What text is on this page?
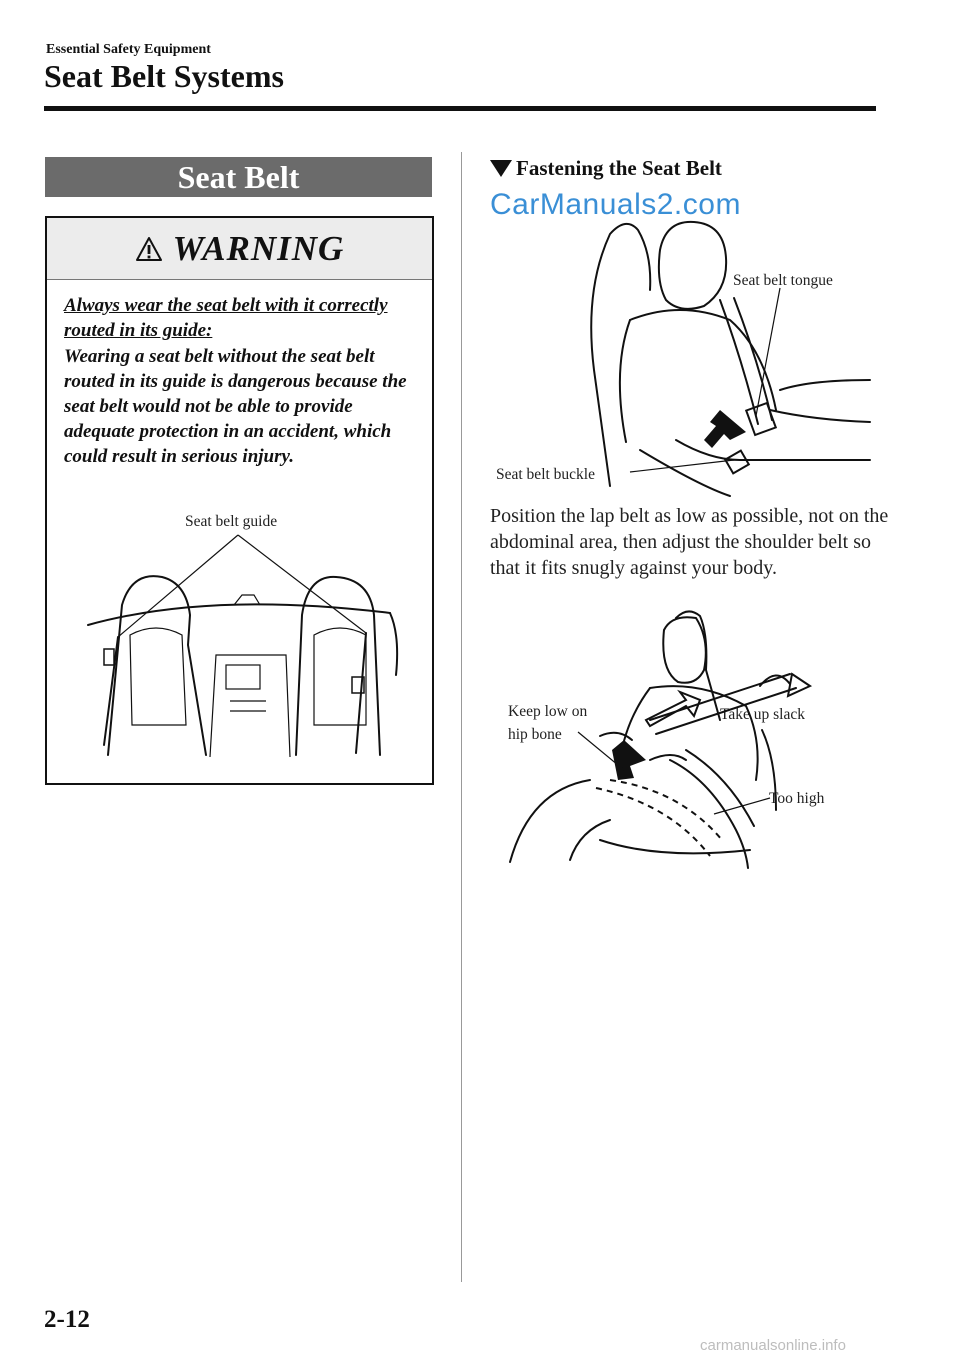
Essential Safety Equipment
Seat Belt Systems
Seat Belt
WARNING
Always wear the seat belt with it correctly routed in its guide:
Wearing a seat belt without the seat belt routed in its guide is dangerous because the seat belt would not be able to provide adequate protection in an accident, which could result in serious injury.
Seat belt guide
Fastening the Seat Belt
CarManuals2.com
Seat belt tongue
Seat belt buckle
Position the lap belt as low as possible, not on the abdominal area, then adjust the shoulder belt so that it fits snugly against your body.
Keep low on
hip bone
Take up slack
Too high
2-12
carmanualsonline.info
